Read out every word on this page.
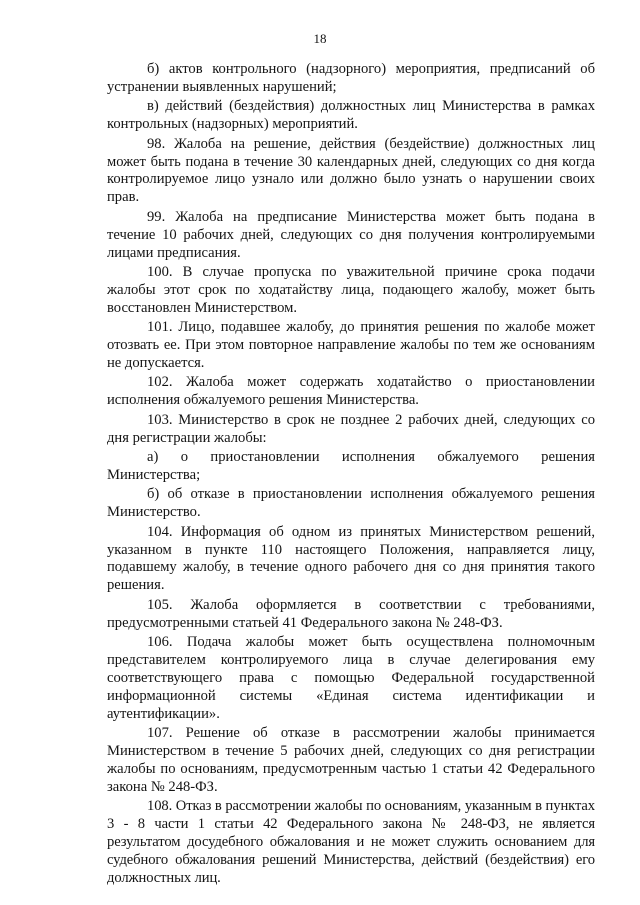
18

б) актов контрольного (надзорного) мероприятия, предписаний об устранении выявленных нарушений;

в) действий (бездействия) должностных лиц Министерства в рамках контрольных (надзорных) мероприятий.

98. Жалоба на решение, действия (бездействие) должностных лиц может быть подана в течение 30 календарных дней, следующих со дня когда контролируемое лицо узнало или должно было узнать о нарушении своих прав.

99. Жалоба на предписание Министерства может быть подана в течение 10 рабочих дней, следующих со дня получения контролируемыми лицами предписания.

100. В случае пропуска по уважительной причине срока подачи жалобы этот срок по ходатайству лица, подающего жалобу, может быть восстановлен Министерством.

101. Лицо, подавшее жалобу, до принятия решения по жалобе может отозвать ее. При этом повторное направление жалобы по тем же основаниям не допускается.

102. Жалоба может содержать ходатайство о приостановлении исполнения обжалуемого решения Министерства.

103. Министерство в срок не позднее 2 рабочих дней, следующих со дня регистрации жалобы:

а) о приостановлении исполнения обжалуемого решения Министерства;

б) об отказе в приостановлении исполнения обжалуемого решения Министерство.

104. Информация об одном из принятых Министерством решений, указанном в пункте 110 настоящего Положения, направляется лицу, подавшему жалобу, в течение одного рабочего дня со дня принятия такого решения.

105. Жалоба оформляется в соответствии с требованиями, предусмотренными статьей 41 Федерального закона № 248-ФЗ.

106. Подача жалобы может быть осуществлена полномочным представителем контролируемого лица в случае делегирования ему соответствующего права с помощью Федеральной государственной информационной системы «Единая система идентификации и аутентификации».

107. Решение об отказе в рассмотрении жалобы принимается Министерством в течение 5 рабочих дней, следующих со дня регистрации жалобы по основаниям, предусмотренным частью 1 статьи 42 Федерального закона № 248-ФЗ.

108. Отказ в рассмотрении жалобы по основаниям, указанным в пунктах 3 - 8 части 1 статьи 42 Федерального закона № 248-ФЗ, не является результатом досудебного обжалования и не может служить основанием для судебного обжалования решений Министерства, действий (бездействия) его должностных лиц.
